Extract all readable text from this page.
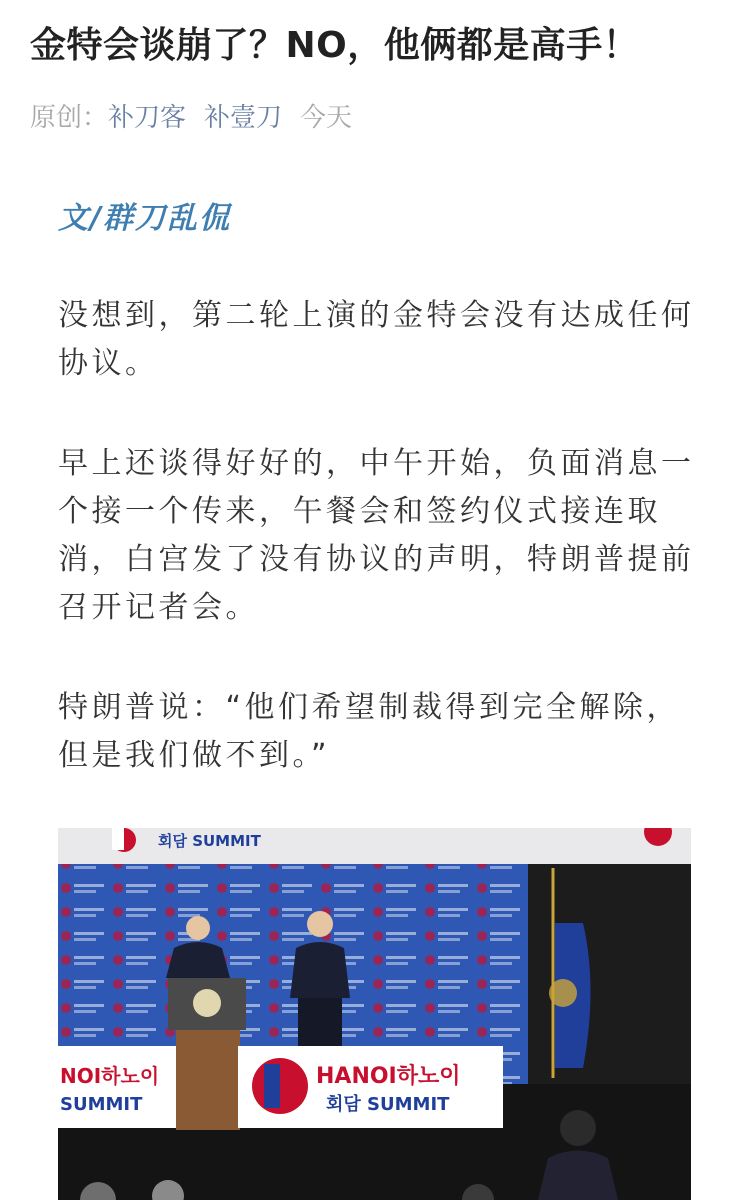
金特会谈崩了？NO，他俩都是高手！
原创：补刀客 补壹刀 今天
文/群刀乱侃
没想到，第二轮上演的金特会没有达成任何协议。
早上还谈得好好的，中午开始，负面消息一个接一个传来，午餐会和签约仪式接连取消，白宫发了没有协议的声明，特朗普提前召开记者会。
特朗普说：“他们希望制裁得到完全解除，但是我们做不到。”
회담 SUMMIT
NOI하노이
SUMMIT
HANOI하노이
회담 SUMMIT
